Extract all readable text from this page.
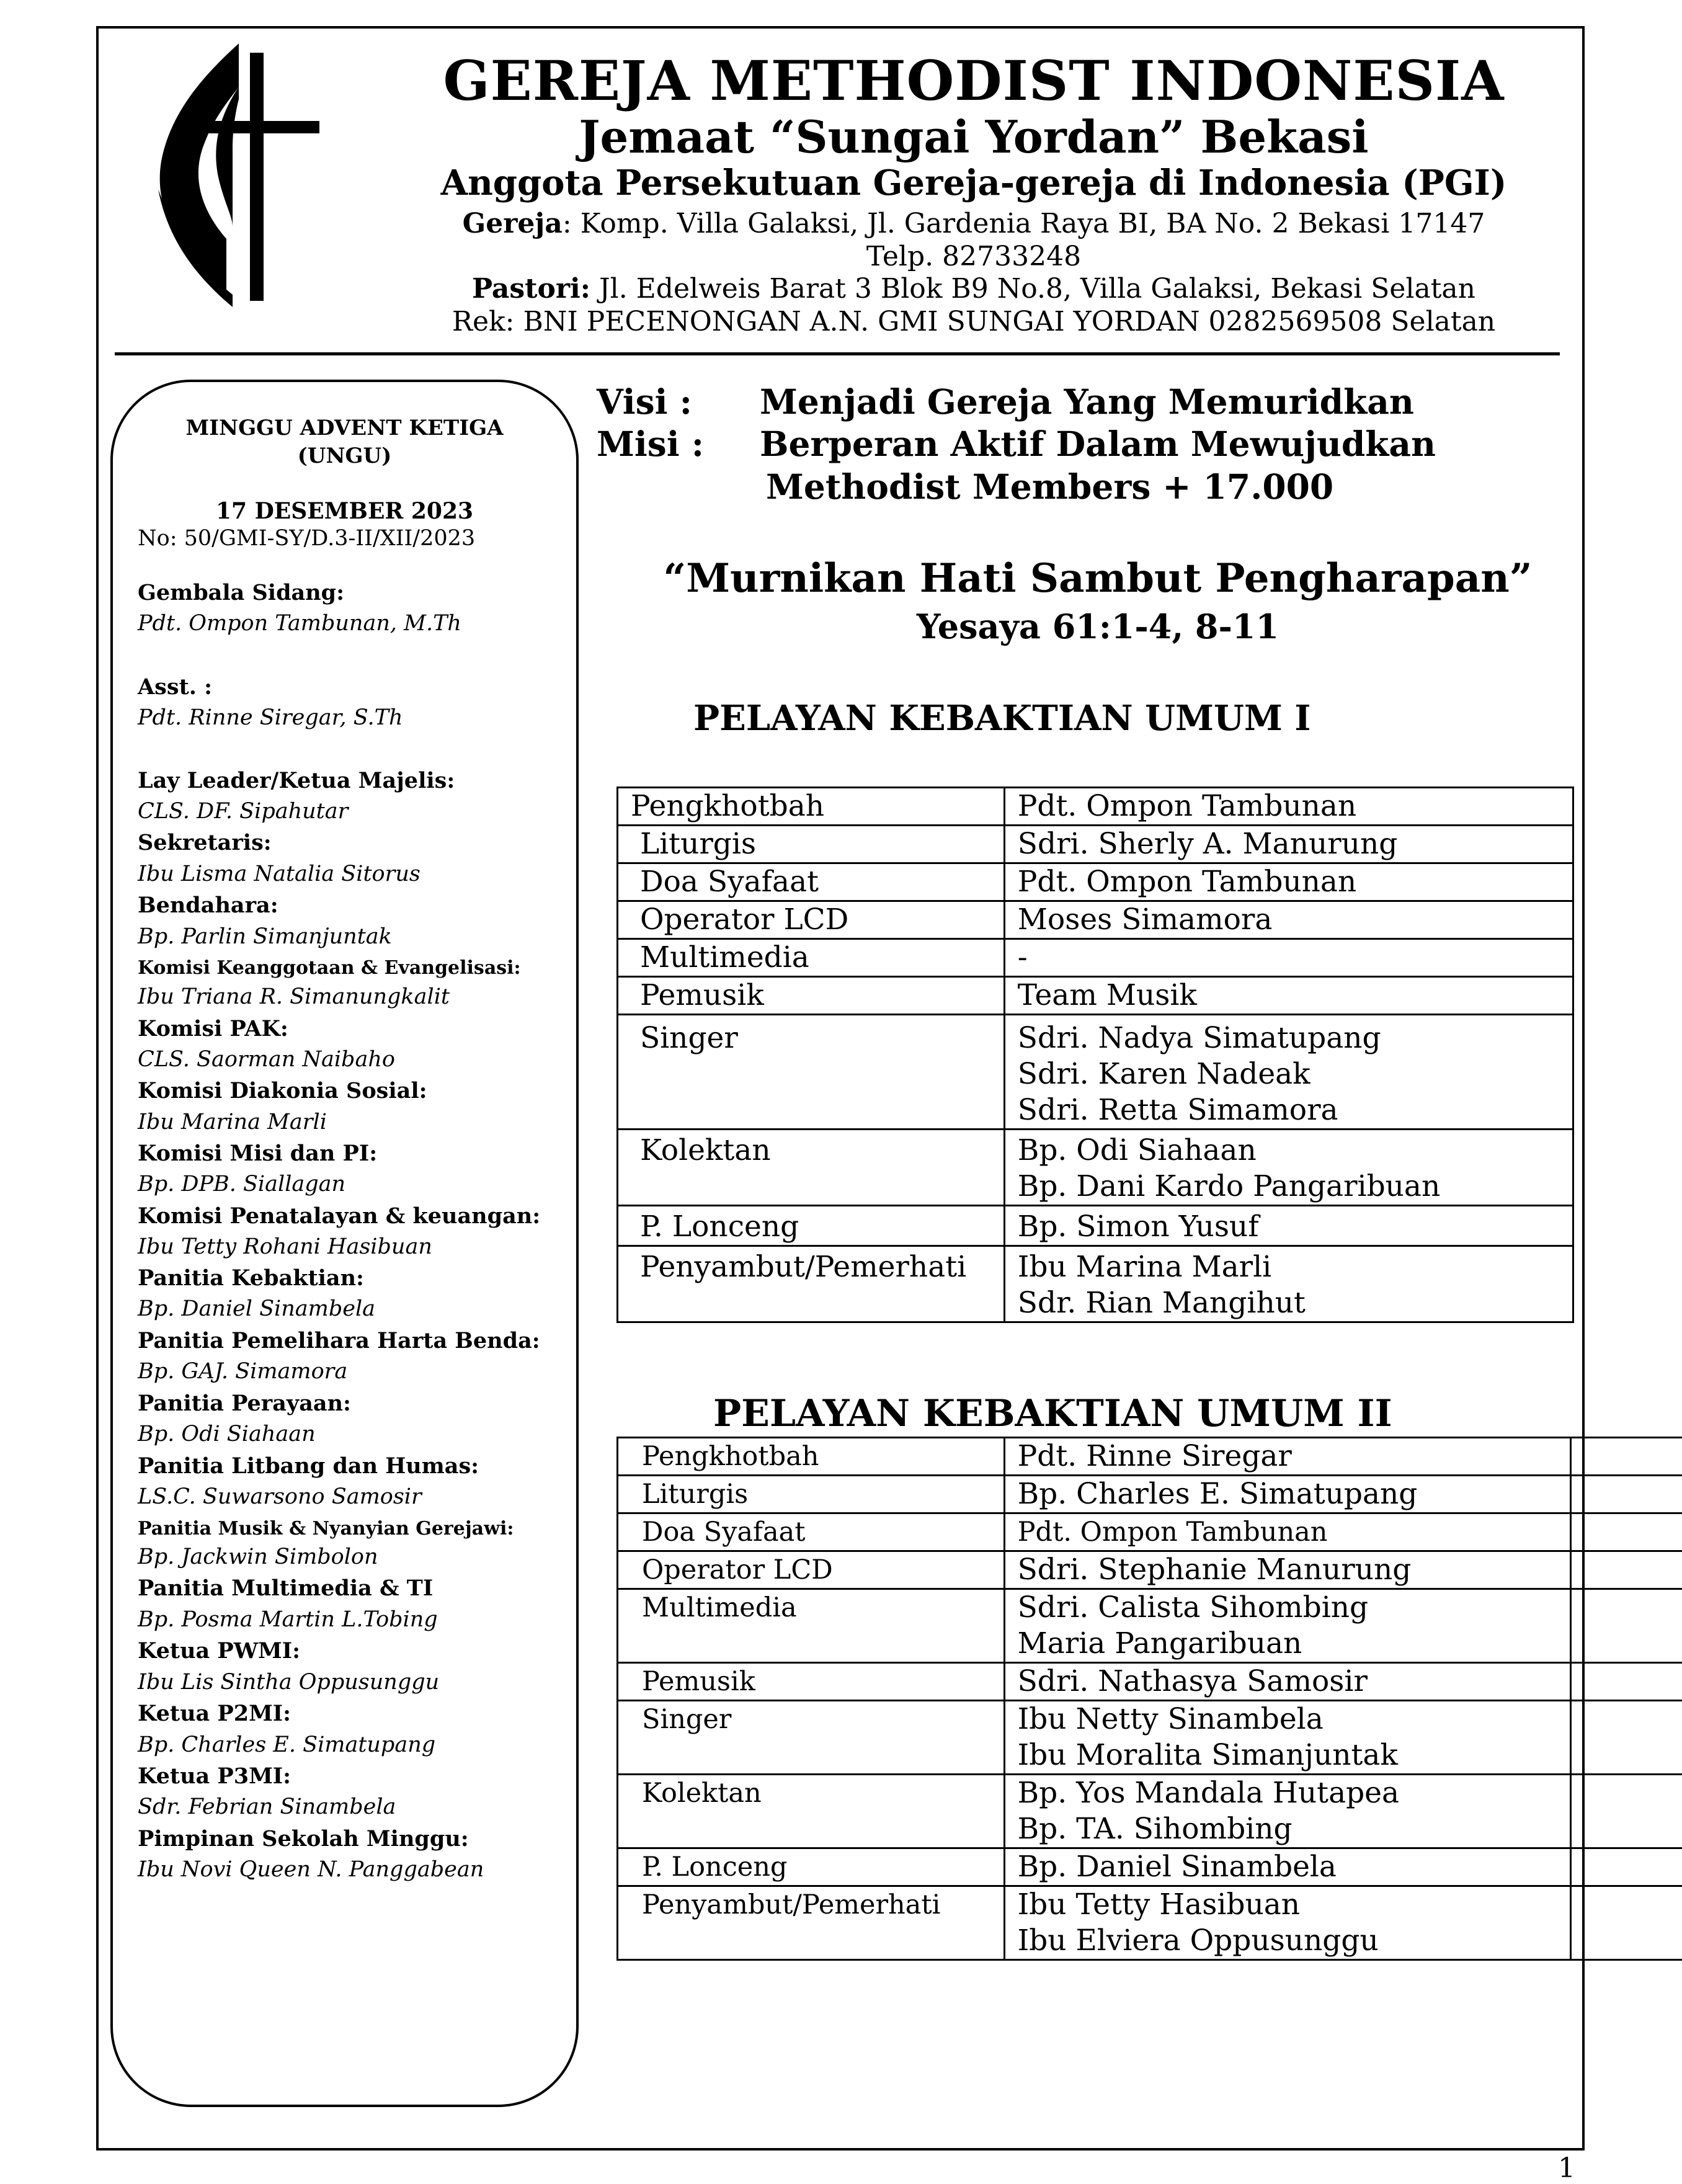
GEREJA METHODIST INDONESIA
Jemaat “Sungai Yordan” Bekasi
Anggota Persekutuan Gereja-gereja di Indonesia (PGI)
Gereja: Komp. Villa Galaksi, Jl. Gardenia Raya BI, BA No. 2 Bekasi 17147
Telp. 82733248
Pastori: Jl. Edelweis Barat 3 Blok B9 No.8, Villa Galaksi, Bekasi Selatan
Rek: BNI PECENONGAN A.N. GMI SUNGAI YORDAN 0282569508 Selatan
MINGGU ADVENT KETIGA
(UNGU)
17 DESEMBER 2023
No: 50/GMI-SY/D.3-II/XII/2023
Gembala Sidang:
Pdt. Ompon Tambunan, M.Th
Asst. :
Pdt. Rinne Siregar, S.Th
Lay Leader/Ketua Majelis:
CLS. DF. Sipahutar
Sekretaris:
Ibu Lisma Natalia Sitorus
Bendahara:
Bp. Parlin Simanjuntak
Komisi Keanggotaan & Evangelisasi:
Ibu Triana R. Simanungkalit
Komisi PAK:
CLS. Saorman Naibaho
Komisi Diakonia Sosial:
Ibu Marina Marli
Komisi Misi dan PI:
Bp. DPB. Siallagan
Komisi Penatalayan & keuangan:
Ibu Tetty Rohani Hasibuan
Panitia Kebaktian:
Bp. Daniel Sinambela
Panitia Pemelihara Harta Benda:
Bp. GAJ. Simamora
Panitia Perayaan:
Bp. Odi Siahaan
Panitia Litbang dan Humas:
LS.C. Suwarsono Samosir
Panitia Musik & Nyanyian Gerejawi:
Bp. Jackwin Simbolon
Panitia Multimedia & TI
Bp. Posma Martin L.Tobing
Ketua PWMI:
Ibu Lis Sintha Oppusunggu
Ketua P2MI:
Bp. Charles E. Simatupang
Ketua P3MI:
Sdr. Febrian Sinambela
Pimpinan Sekolah Minggu:
Ibu Novi Queen N. Panggabean
Visi : Menjadi Gereja Yang Memuridkan
Misi : Berperan Aktif Dalam Mewujudkan
Methodist Members + 17.000
“Murnikan Hati Sambut Pengharapan”
Yesaya 61:1-4, 8-11
PELAYAN KEBAKTIAN UMUM I
Pengkhotbah	Pdt. Ompon Tambunan

Liturgis	Sdri. Sherly A. Manurung

Doa Syafaat	Pdt. Ompon Tambunan

Operator LCD	Moses Simamora

Multimedia	-

Pemusik	Team Musik

Singer	Sdri. Nadya Simatupang
Sdri. Karen Nadeak
Sdri. Retta Simamora

Kolektan	Bp. Odi Siahaan
Bp. Dani Kardo Pangaribuan

P. Lonceng	Bp. Simon Yusuf

Penyambut/Pemerhati	Ibu Marina Marli
Sdr. Rian Mangihut
PELAYAN KEBAKTIAN UMUM II
Pengkhotbah	Pdt. Rinne Siregar

Liturgis	Bp. Charles E. Simatupang

Doa Syafaat	Pdt. Ompon Tambunan

Operator LCD	Sdri. Stephanie Manurung

Multimedia	Sdri. Calista Sihombing
Maria Pangaribuan

Pemusik	Sdri. Nathasya Samosir

Singer	Ibu Netty Sinambela
Ibu Moralita Simanjuntak

Kolektan	Bp. Yos Mandala Hutapea
Bp. TA. Sihombing

P. Lonceng	Bp. Daniel Sinambela

Penyambut/Pemerhati	Ibu Tetty Hasibuan
Ibu Elviera Oppusunggu
1
